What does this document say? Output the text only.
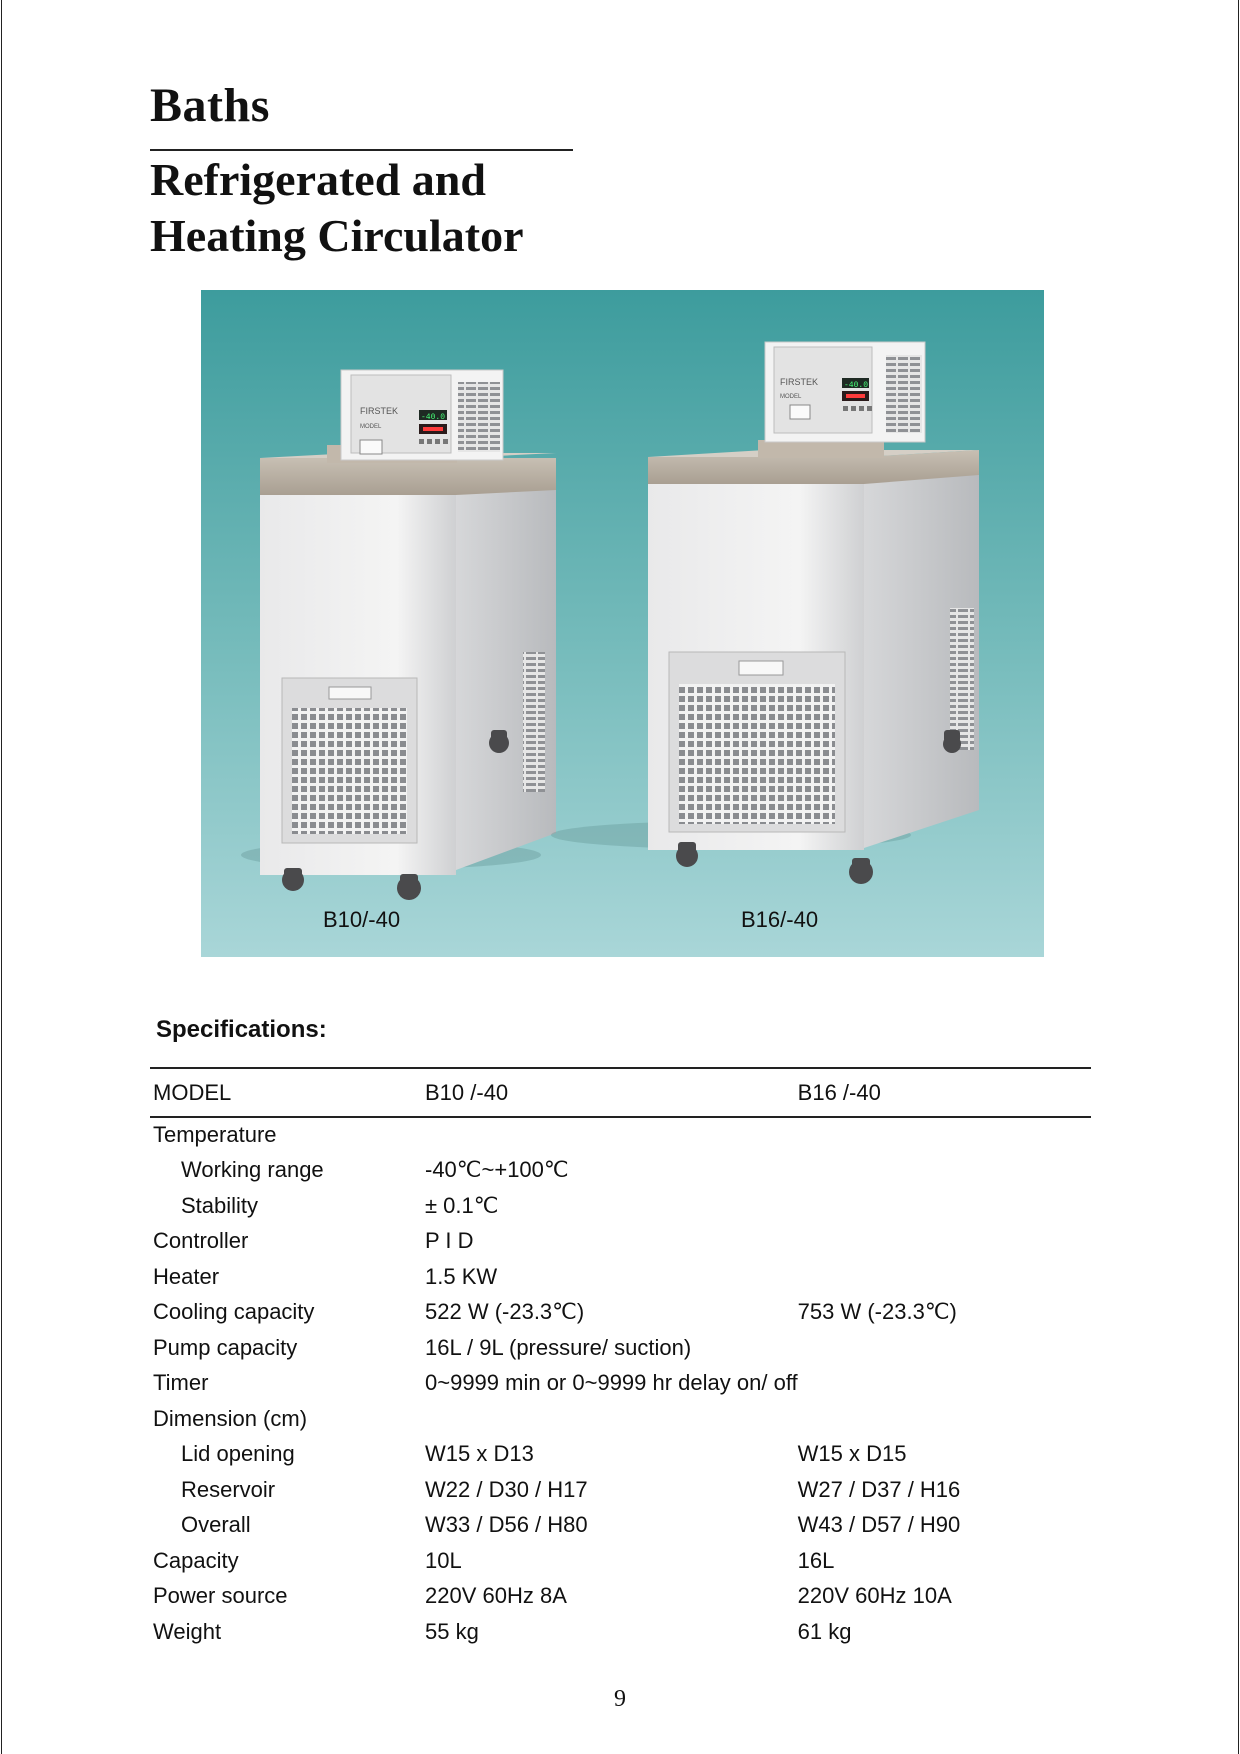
Baths
Refrigerated and
Heating Circulator
FIRSTEK
MODEL
-40.0
B10/-40
FIRSTEK
MODEL
-40.0
B16/-40
Specifications:
MODEL	B10 /-40	B16 /-40
Temperature		
Working range	-40℃~+100℃	
Stability	± 0.1℃	
Controller	P I D	
Heater	1.5 KW	
Cooling capacity	522 W (-23.3℃)	753 W (-23.3℃)
Pump capacity	16L / 9L (pressure/ suction)	
Timer	0~9999 min or 0~9999 hr delay on/ off	
Dimension (cm)		
Lid opening	W15 x D13	W15 x D15
Reservoir	W22 / D30 / H17	W27 / D37 / H16
Overall	W33 / D56 / H80	W43 / D57 / H90
Capacity	10L	16L
Power source	220V 60Hz 8A	220V 60Hz 10A
Weight	55 kg	61 kg
9
